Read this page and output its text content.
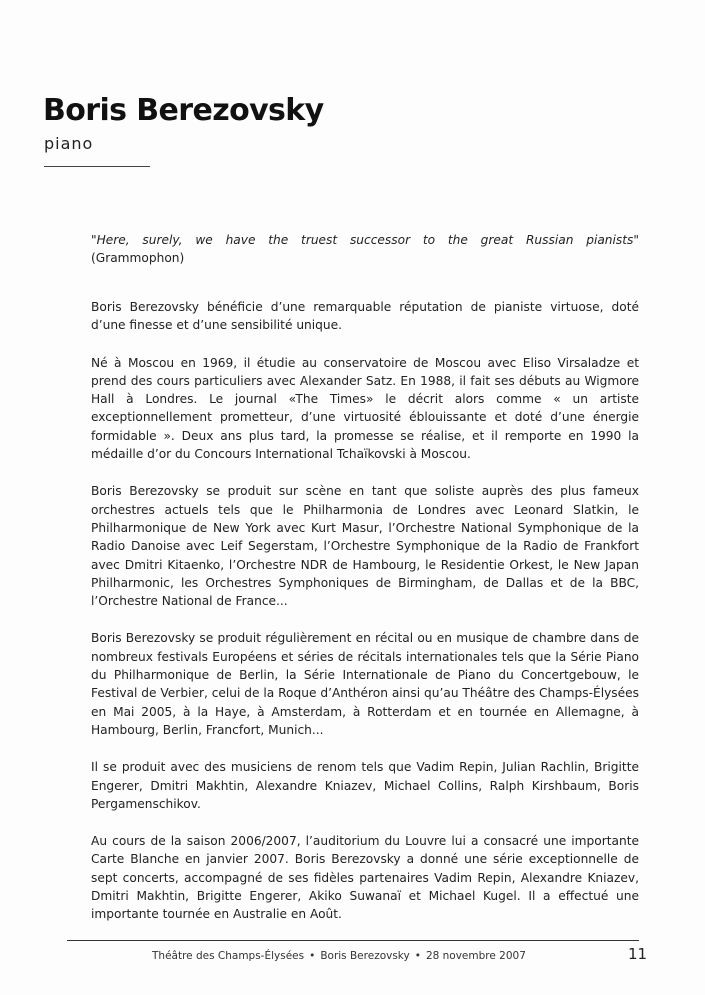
Boris Berezovsky
piano
"Here, surely, we have the truest successor to the great Russian pianists"
(Grammophon)

Boris Berezovsky bénéficie d’une remarquable réputation de pianiste virtuose, doté d’une finesse et d’une sensibilité unique.

Né à Moscou en 1969, il étudie au conservatoire de Moscou avec Eliso Virsaladze et prend des cours particuliers avec Alexander Satz. En 1988, il fait ses débuts au Wigmore Hall à Londres. Le journal «The Times» le décrit alors comme « un artiste exceptionnellement prometteur, d’une virtuosité éblouissante et doté d’une énergie formidable ». Deux ans plus tard, la promesse se réalise, et il remporte en 1990 la médaille d’or du Concours International Tchaïkovski à Moscou.

Boris Berezovsky se produit sur scène en tant que soliste auprès des plus fameux orchestres actuels tels que le Philharmonia de Londres avec Leonard Slatkin, le Philharmonique de New York avec Kurt Masur, l’Orchestre National Symphonique de la Radio Danoise avec Leif Segerstam, l’Orchestre Symphonique de la Radio de Frankfort avec Dmitri Kitaenko, l’Orchestre NDR de Hambourg, le Residentie Orkest, le New Japan Philharmonic, les Orchestres Symphoniques de Birmingham, de Dallas et de la BBC, l’Orchestre National de France...

Boris Berezovsky se produit régulièrement en récital ou en musique de chambre dans de nombreux festivals Européens et séries de récitals internationales tels que la Série Piano du Philharmonique de Berlin, la Série Internationale de Piano du Concertgebouw, le Festival de Verbier, celui de la Roque d’Anthéron ainsi qu’au Théâtre des Champs-Élysées en Mai 2005, à la Haye, à Amsterdam, à Rotterdam et en tournée en Allemagne, à Hambourg, Berlin, Francfort, Munich...

Il se produit avec des musiciens de renom tels que Vadim Repin, Julian Rachlin, Brigitte Engerer, Dmitri Makhtin, Alexandre Kniazev, Michael Collins, Ralph Kirshbaum, Boris Pergamenschikov.

Au cours de la saison 2006/2007, l’auditorium du Louvre lui a consacré une importante Carte Blanche en janvier 2007. Boris Berezovsky a donné une série exceptionnelle de sept concerts, accompagné de ses fidèles partenaires Vadim Repin, Alexandre Kniazev, Dmitri Makhtin, Brigitte Engerer, Akiko Suwanaï et Michael Kugel. Il a effectué une importante tournée en Australie en Août.

Théâtre des Champs-Élysées • Boris Berezovsky • 28 novembre 2007	11
